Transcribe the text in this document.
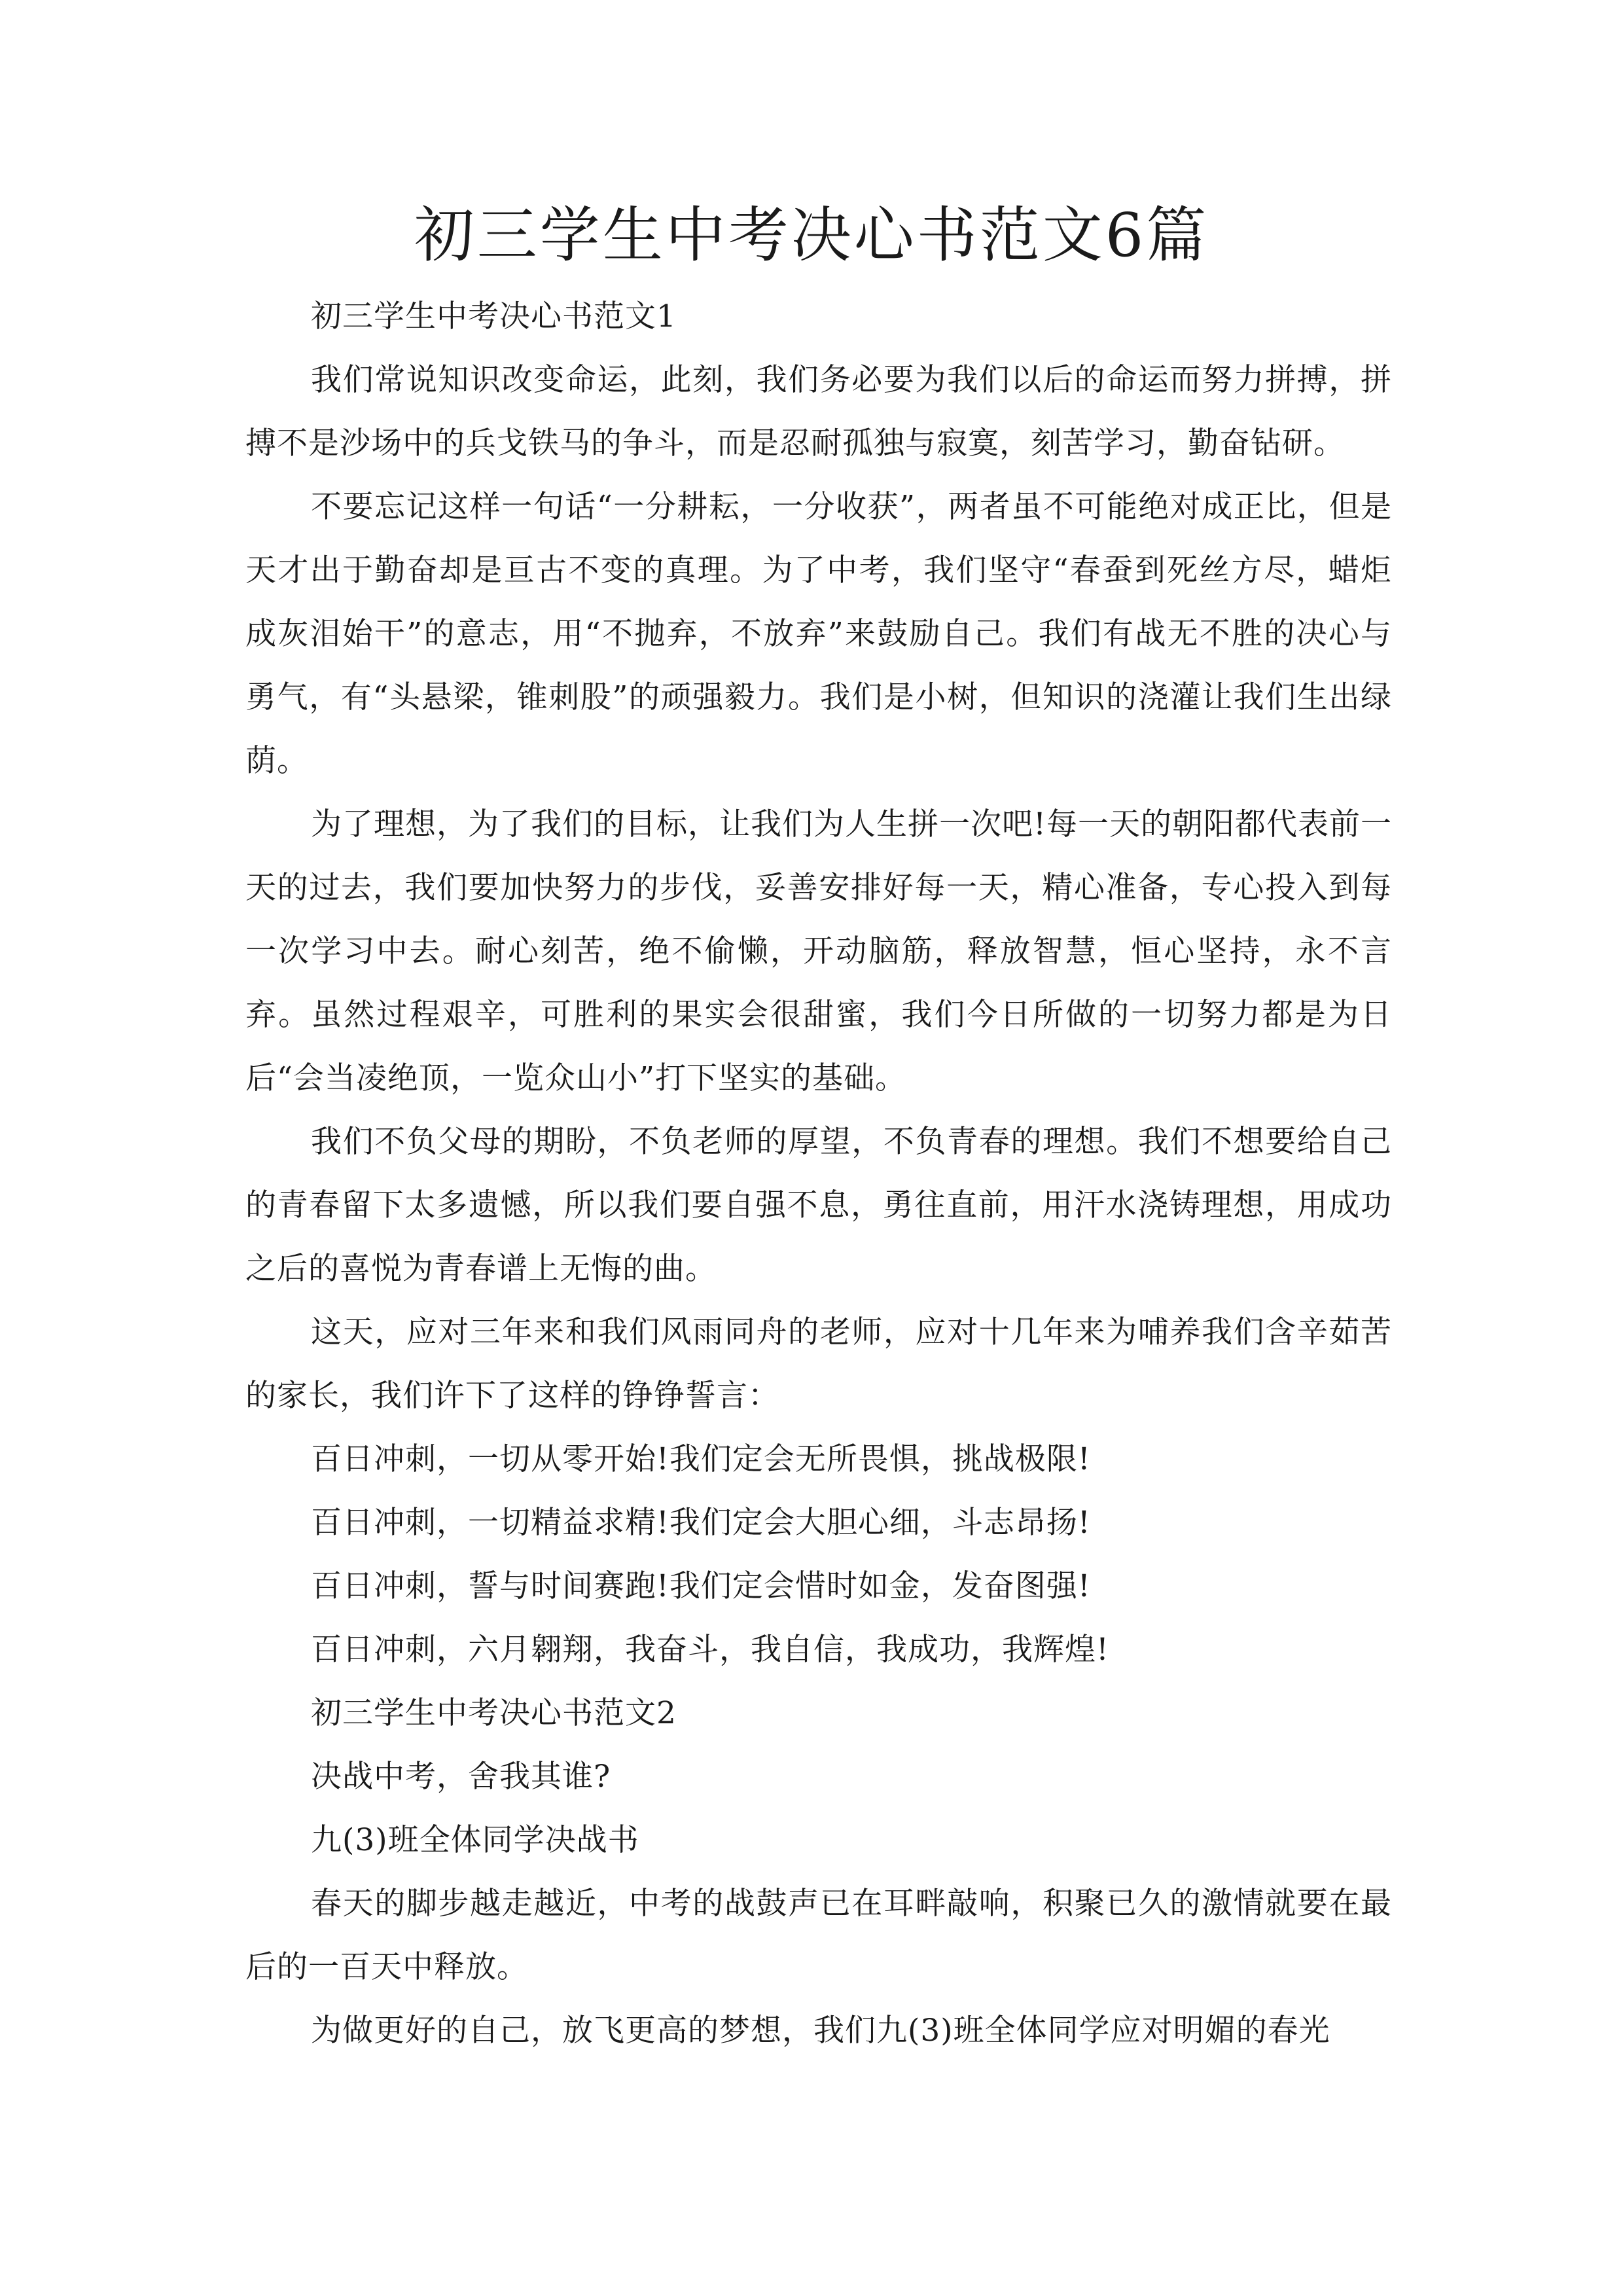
初三学生中考决心书范文6篇

初三学生中考决心书范文1

我们常说知识改变命运，此刻，我们务必要为我们以后的命运而努力拼搏，拼搏不是沙场中的兵戈铁马的争斗，而是忍耐孤独与寂寞，刻苦学习，勤奋钻研。

不要忘记这样一句话“一分耕耘，一分收获”，两者虽不可能绝对成正比，但是天才出于勤奋却是亘古不变的真理。为了中考，我们坚守“春蚕到死丝方尽，蜡炬成灰泪始干”的意志，用“不抛弃，不放弃”来鼓励自己。我们有战无不胜的决心与勇气，有“头悬梁，锥刺股”的顽强毅力。我们是小树，但知识的浇灌让我们生出绿荫。

为了理想，为了我们的目标，让我们为人生拼一次吧!每一天的朝阳都代表前一天的过去，我们要加快努力的步伐，妥善安排好每一天，精心准备，专心投入到每一次学习中去。耐心刻苦，绝不偷懒，开动脑筋，释放智慧，恒心坚持，永不言弃。虽然过程艰辛，可胜利的果实会很甜蜜，我们今日所做的一切努力都是为日后“会当凌绝顶，一览众山小”打下坚实的基础。

我们不负父母的期盼，不负老师的厚望，不负青春的理想。我们不想要给自己的青春留下太多遗憾，所以我们要自强不息，勇往直前，用汗水浇铸理想，用成功之后的喜悦为青春谱上无悔的曲。

这天，应对三年来和我们风雨同舟的老师，应对十几年来为哺养我们含辛茹苦的家长，我们许下了这样的铮铮誓言：

百日冲刺，一切从零开始!我们定会无所畏惧，挑战极限!

百日冲刺，一切精益求精!我们定会大胆心细，斗志昂扬!

百日冲刺，誓与时间赛跑!我们定会惜时如金，发奋图强!

百日冲刺，六月翱翔，我奋斗，我自信，我成功，我辉煌!

初三学生中考决心书范文2

决战中考，舍我其谁?

九(3)班全体同学决战书

春天的脚步越走越近，中考的战鼓声已在耳畔敲响，积聚已久的激情就要在最后的一百天中释放。

为做更好的自己，放飞更高的梦想，我们九(3)班全体同学应对明媚的春光
